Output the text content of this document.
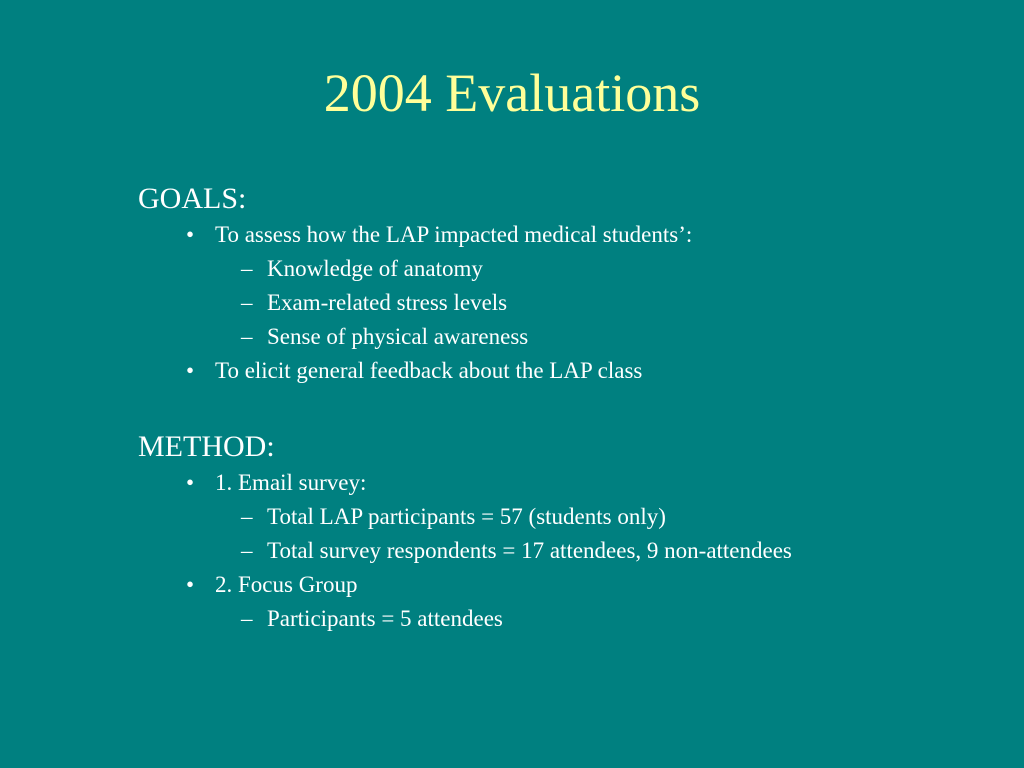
2004 Evaluations
GOALS:
• To assess how the LAP impacted medical students’:
– Knowledge of anatomy
– Exam-related stress levels
– Sense of physical awareness
• To elicit general feedback about the LAP class
METHOD:
• 1. Email survey:
– Total LAP participants = 57 (students only)
– Total survey respondents = 17 attendees, 9 non-attendees
• 2. Focus Group
– Participants = 5 attendees
